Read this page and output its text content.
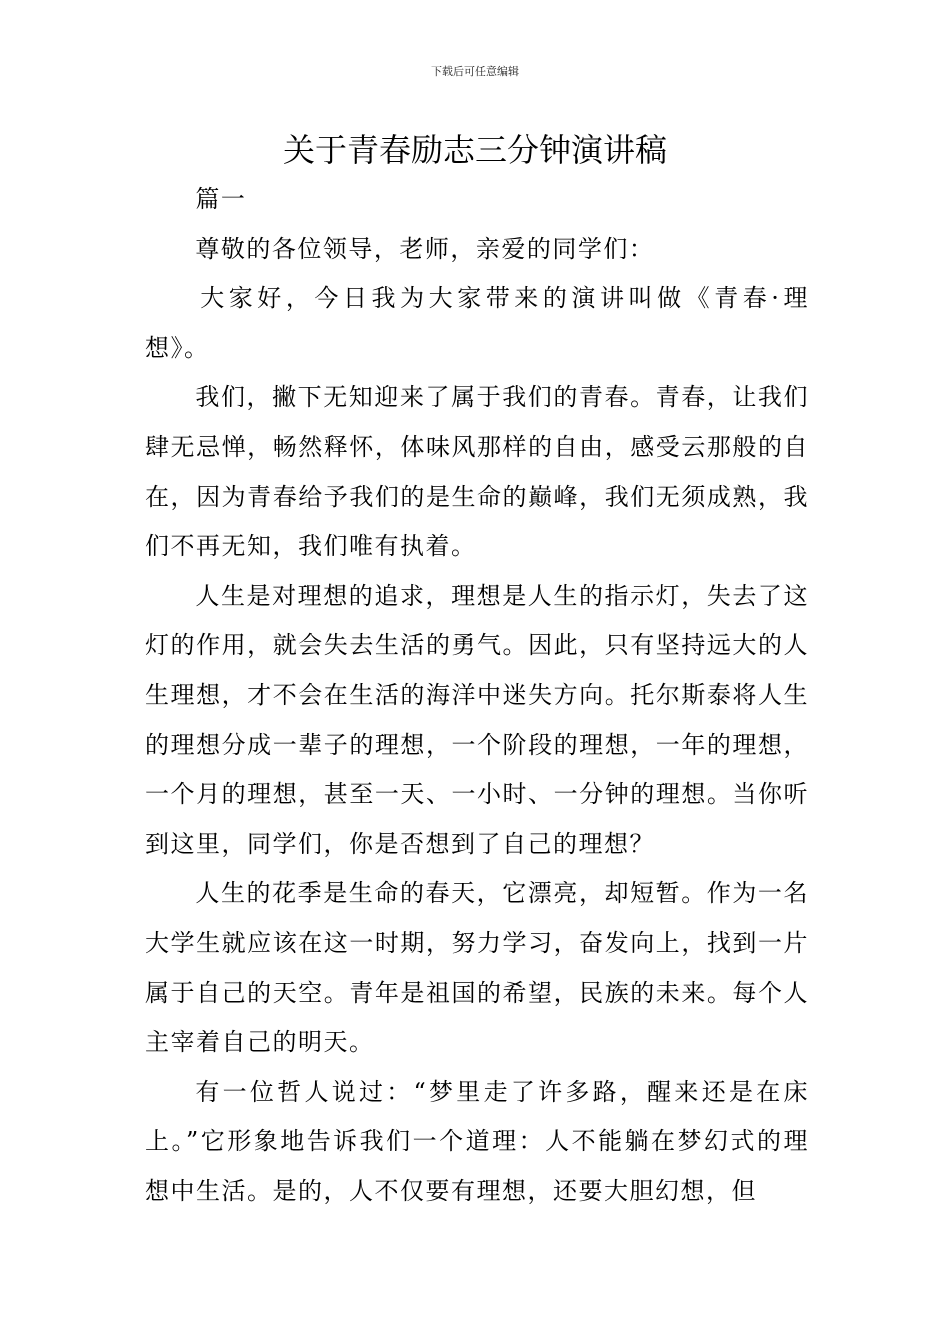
下载后可任意编辑
关于青春励志三分钟演讲稿

篇一

尊敬的各位领导，老师，亲爱的同学们：

大家好，今日我为大家带来的演讲叫做《青春·理想》。

我们，撇下无知迎来了属于我们的青春。青春，让我们肆无忌惮，畅然释怀，体味风那样的自由，感受云那般的自在，因为青春给予我们的是生命的巅峰，我们无须成熟，我们不再无知，我们唯有执着。

人生是对理想的追求，理想是人生的指示灯，失去了这灯的作用，就会失去生活的勇气。因此，只有坚持远大的人生理想，才不会在生活的海洋中迷失方向。托尔斯泰将人生的理想分成一辈子的理想，一个阶段的理想，一年的理想，一个月的理想，甚至一天、一小时、一分钟的理想。当你听到这里，同学们，你是否想到了自己的理想？

人生的花季是生命的春天，它漂亮，却短暂。作为一名大学生就应该在这一时期，努力学习，奋发向上，找到一片属于自己的天空。青年是祖国的希望，民族的未来。每个人主宰着自己的明天。

有一位哲人说过：“梦里走了许多路，醒来还是在床上。”它形象地告诉我们一个道理：人不能躺在梦幻式的理想中生活。是的，人不仅要有理想，还要大胆幻想，但
